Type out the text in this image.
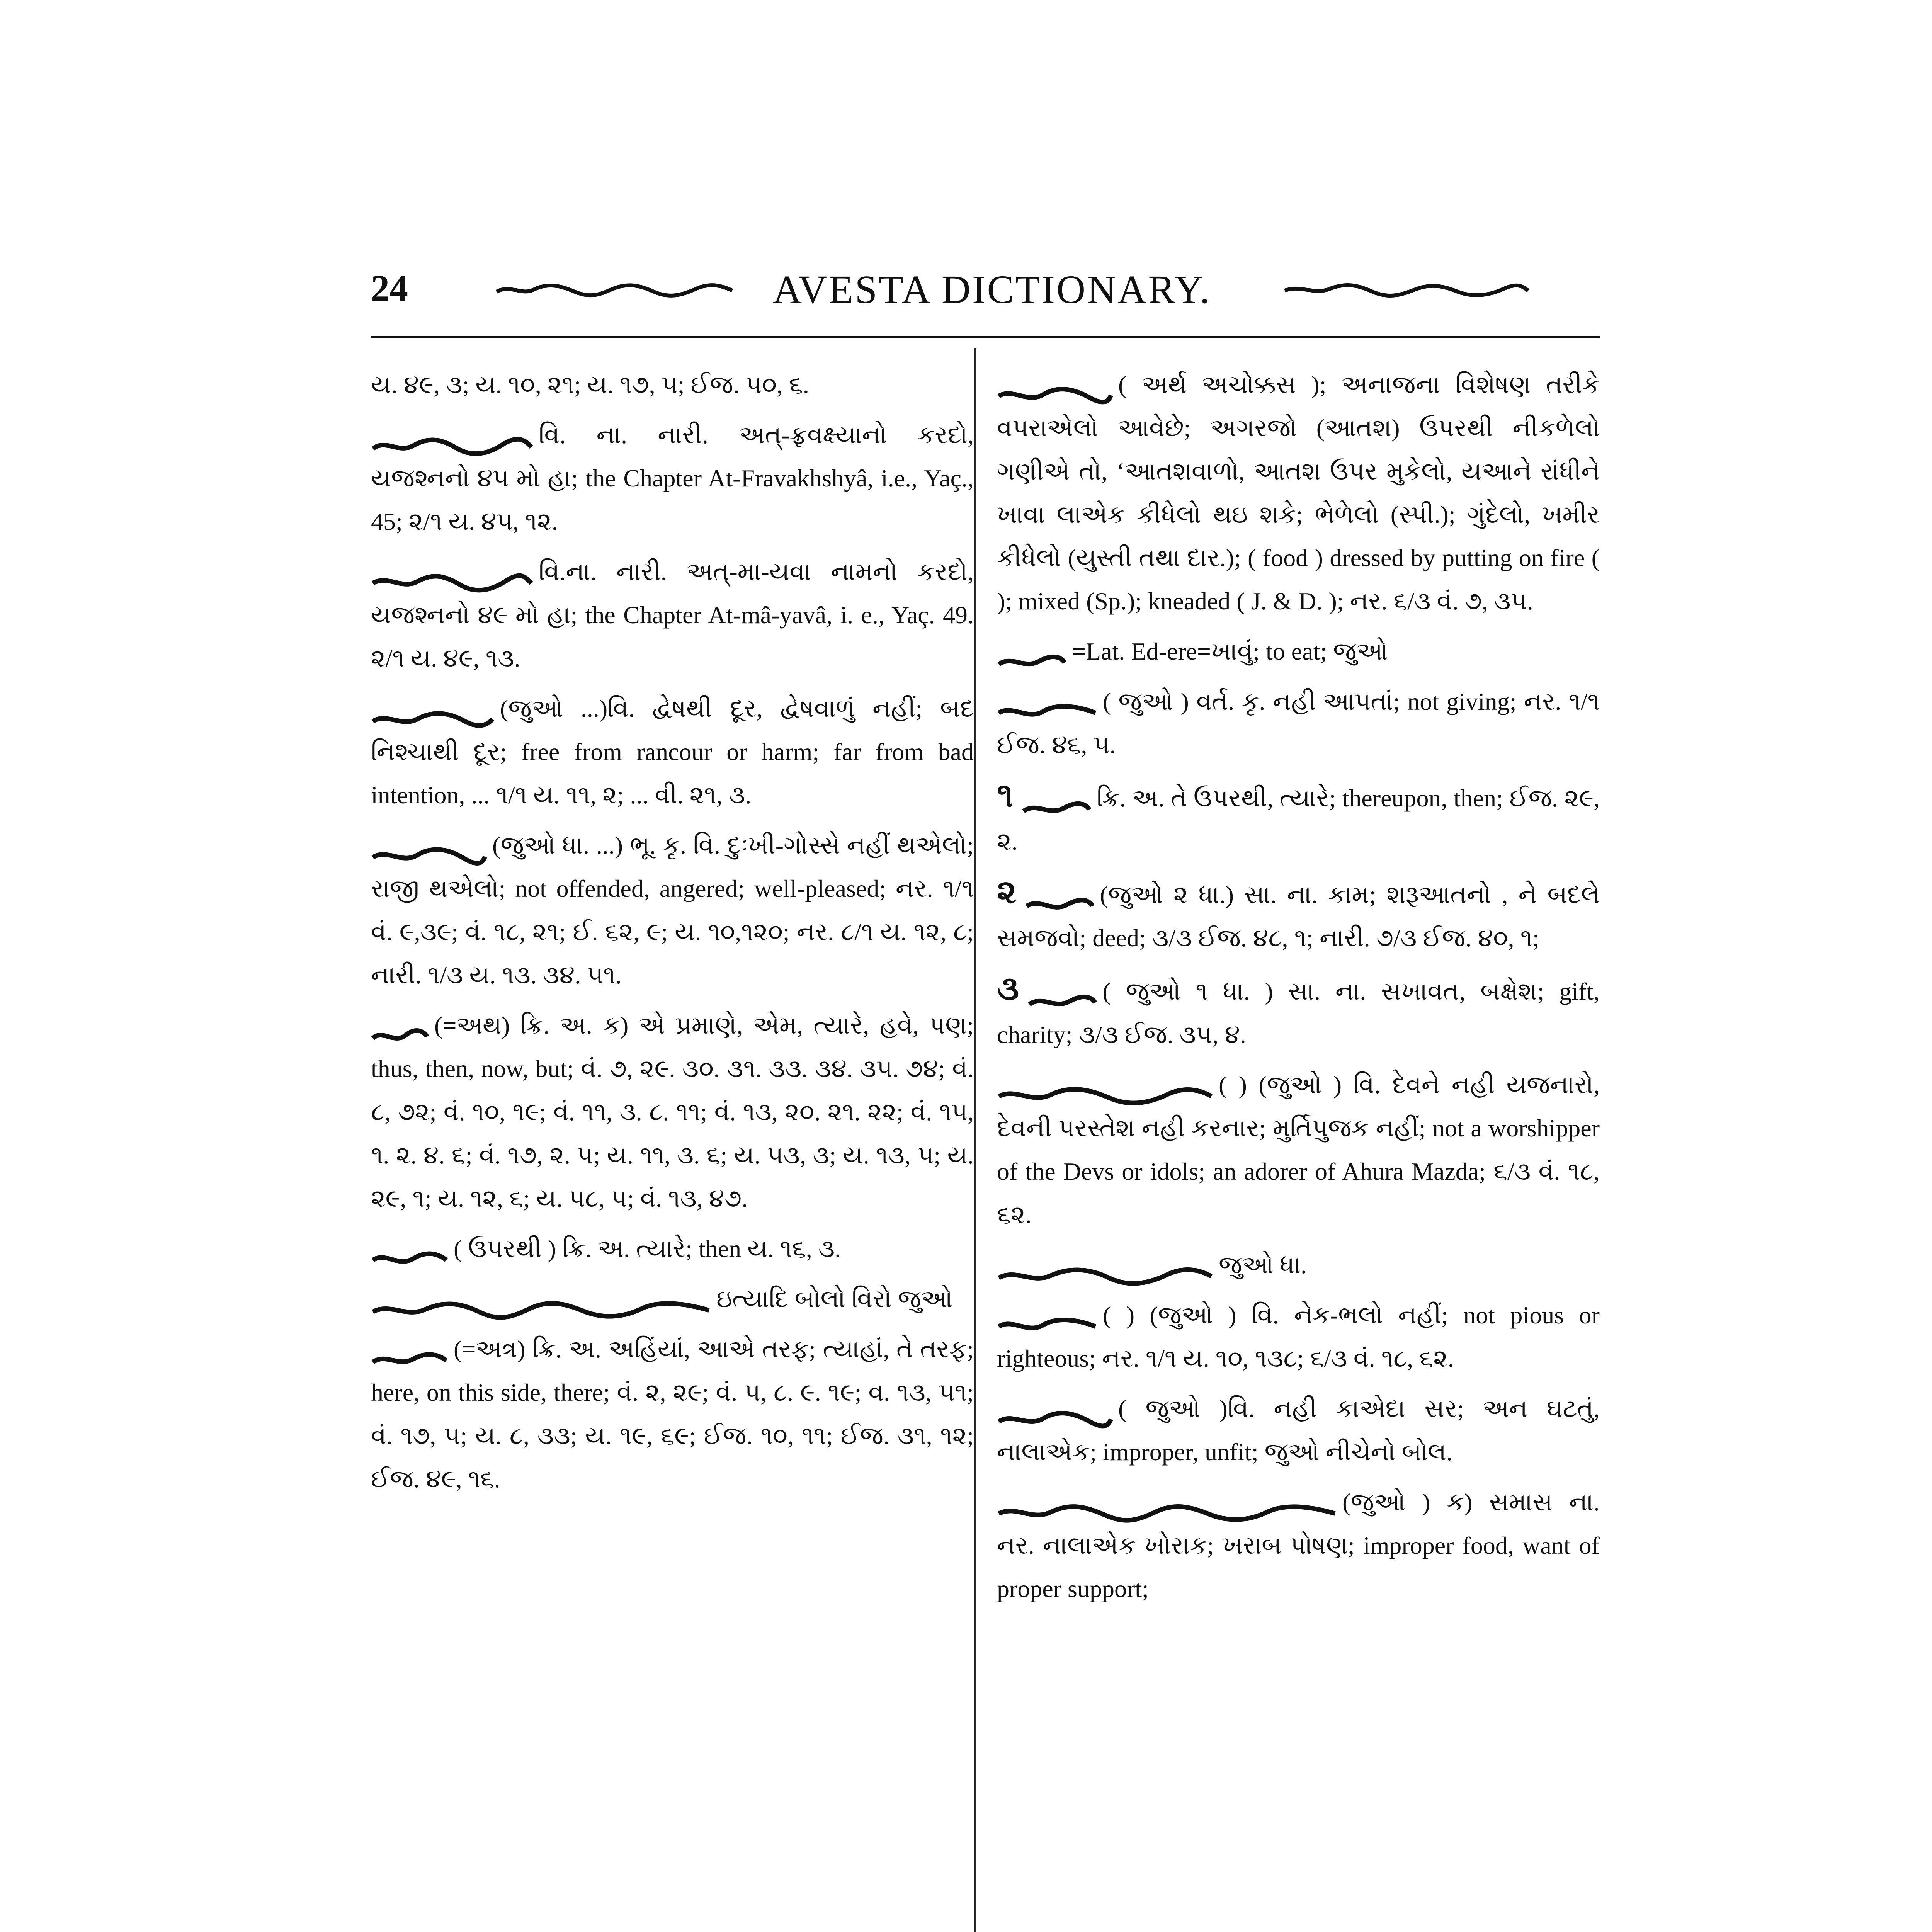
24	AVESTA DICTIONARY.

ય. ૪૯, ૩; ય. ૧૦, ૨૧; ય. ૧૭, ૫; ઈજ. ૫૦, ૬.

વિ. ના. નારી. અત્-ફ્રવક્ષ્યાનો કરદો, યજશ્નનો ૪૫ મો હા; the Chapter At-Fravakhshyâ, i.e., Yaç., 45; ૨/૧ ય. ૪૫, ૧૨.

વિ.ના. નારી. અત્-મા-યવા નામનો કરદો, યજશ્નનો ૪૯ મો હા; the Chapter At-mâ-yavâ, i. e., Yaç. 49. ૨/૧ ય. ૪૯, ૧૩.

(જુઓ ...)વિ. દ્વેષથી દૂર, દ્વેષવાળું નહીં; બદ નિશ્ચાથી દૂર; free from rancour or harm; far from bad intention, ... ૧/૧ ય. ૧૧, ૨; ... વી. ૨૧, ૩.

(જુઓ ધા. ...) ભૂ. કૃ. વિ. દુઃખી-ગોસ્સે નહીં થએલો; રાજી થએલો; not offended, angered; well-pleased; નર. ૧/૧ વં. ૯,૩૯; વં. ૧૮, ૨૧; ઈ. ૬૨, ૯; ય. ૧૦,૧૨૦; નર. ૮/૧ ય. ૧૨, ૮; નારી. ૧/૩ ય. ૧૩. ૩૪. ૫૧.

(=અથ) ક્રિ. અ. ક) એ પ્રમાણે, એમ, ત્યારે, હવે, પણ; thus, then, now, but; વં. ૭, ૨૯. ૩૦. ૩૧. ૩૩. ૩૪. ૩૫. ૭૪; વં. ૮, ૭૨; વં. ૧૦, ૧૯; વં. ૧૧, ૩. ૮. ૧૧; વં. ૧૩, ૨૦. ૨૧. ૨૨; વં. ૧૫, ૧. ૨. ૪. ૬; વં. ૧૭, ૨. ૫; ય. ૧૧, ૩. ૬; ય. ૫૩, ૩; ય. ૧૩, ૫; ય. ૨૯, ૧; ય. ૧૨, ૬; ય. ૫૮, ૫; વં. ૧૩, ૪૭.

( ઉપરથી ) ક્રિ. અ. ત્યારે; then ય. ૧૬, ૩.

ઇત્યાદિ બોલો વિરો જુઓ

(=અત્ર) ક્રિ. અ. અહિંયાં, આએ તરફ; ત્યાહાં, તે તરફ; here, on this side, there; વં. ૨, ૨૯; વં. ૫, ૮. ૯. ૧૯; વ. ૧૩, ૫૧; વં. ૧૭, ૫; ય. ૮, ૩૩; ય. ૧૯, ૬૯; ઈજ. ૧૦, ૧૧; ઈજ. ૩૧, ૧૨; ઈજ. ૪૯, ૧૬.

( અર્થ અચોક્કસ ); અનાજના વિશેષણ તરીકે વપરાએલો આવેછે; અગરજો (આતશ) ઉપરથી નીકળેલો ગણીએ તો, ‘આતશવાળો, આતશ ઉપર મુકેલો, યઆને રાંધીને ખાવા લાએક કીધેલો થઇ શકે; ભેળેલો (સ્પી.); ગુંદેલો, ખમીર કીધેલો (યુસ્તી તથા દાર.); ( food ) dressed by putting on fire ( ); mixed (Sp.); kneaded ( J. & D. ); નર. ૬/૩ વં. ૭, ૩૫.

=Lat. Ed-ere=ખાવું; to eat; જુઓ

( જુઓ ) વર્ત. કૃ. નહી આપતાં; not giving; નર. ૧/૧ ઈજ. ૪૬, ૫.

૧	ક્રિ. અ. તે ઉપરથી, ત્યારે; thereupon, then; ઈજ. ૨૯, ૨.

૨	(જુઓ ૨ ધા.) સા. ના. કામ; શરૂઆતનો , ને બદલે સમજવો; deed; ૩/૩ ઈજ. ૪૮, ૧; નારી. ૭/૩ ઈજ. ૪૦, ૧;

૩	( જુઓ ૧ ધા. ) સા. ના. સખાવત, બક્ષેશ; gift, charity; ૩/૩ ઈજ. ૩૫, ૪.

( ) (જુઓ ) વિ. દેવને નહી યજનારો, દેવની પરસ્તેશ નહી કરનાર; મુર્તિપુજક નહીં; not a worshipper of the Devs or idols; an adorer of Ahura Mazda; ૬/૩ વં. ૧૮, ૬૨.

જુઓ ધા.

( ) (જુઓ ) વિ. નેક-ભલો નહીં; not pious or righteous; નર. ૧/૧ ય. ૧૦, ૧૩૮; ૬/૩ વં. ૧૮, ૬૨.

( જુઓ )વિ. નહી કાએદા સર; અન ઘટતું, નાલાએક; improper, unfit; જુઓ નીચેનો બોલ.

(જુઓ ) ક) સમાસ ના. નર. નાલાએક ખોરાક; ખરાબ પોષણ; improper food, want of proper support;
